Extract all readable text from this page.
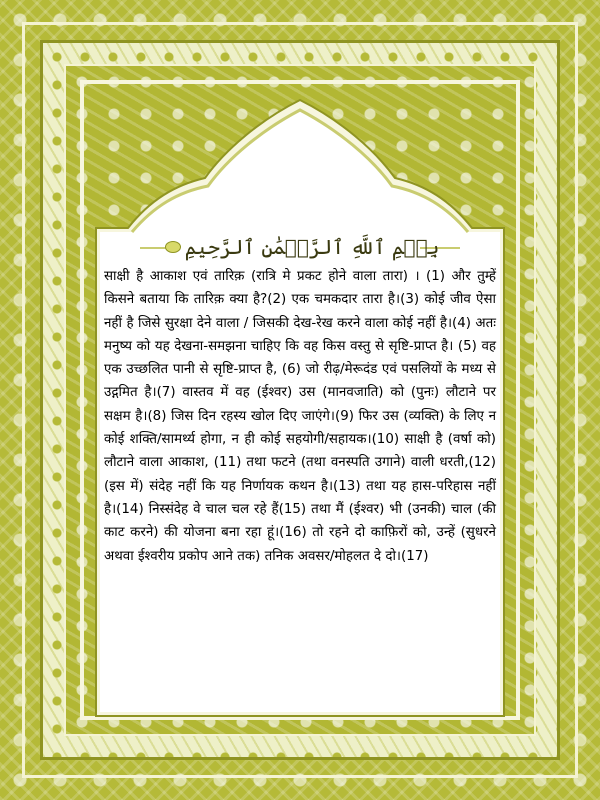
بِسۡمِ ٱللَّهِ ٱلرَّحۡمَٰنِ ٱلرَّحِيمِ

साक्षी है आकाश एवं तारिक़ (रात्रि मे प्रकट होने वाला तारा) । (1) और तुम्हें किसने बताया कि तारिक़ क्या है?(2) एक चमकदार तारा है।(3) कोई जीव ऐसा नहीं है जिसे सुरक्षा देने वाला / जिसकी देख-रेख करने वाला कोई नहीं है।(4) अतः मनुष्य को यह देखना-समझना चाहिए कि वह किस वस्तु से सृष्टि-प्राप्त है। (5) वह एक उच्छलित पानी से सृष्टि-प्राप्त है, (6) जो रीढ़/मेरूदंड एवं पसलियों के मध्य से उद्गमित है।(7) वास्तव में वह (ईश्वर) उस (मानवजाति) को (पुनः) लौटाने पर सक्षम है।(8) जिस दिन रहस्य खोल दिए जाएंगे।(9) फिर उस (व्यक्ति) के लिए न कोई शक्ति/सामर्थ्य होगा, न ही कोई सहयोगी/सहायक।(10) साक्षी है (वर्षा को) लौटाने वाला आकाश, (11) तथा फटने (तथा वनस्पति उगाने) वाली धरती,(12) (इस में) संदेह नहीं कि यह निर्णायक कथन है।(13) तथा यह हास-परिहास नहीं है।(14) निस्संदेह वे चाल चल रहे हैं(15) तथा मैं (ईश्वर) भी (उनकी) चाल (की काट करने) की योजना बना रहा हूं।(16) तो रहने दो काफ़िरों को, उन्हें (सुधरने अथवा ईश्वरीय प्रकोप आने तक) तनिक अवसर/मोहलत दे दो।(17)
